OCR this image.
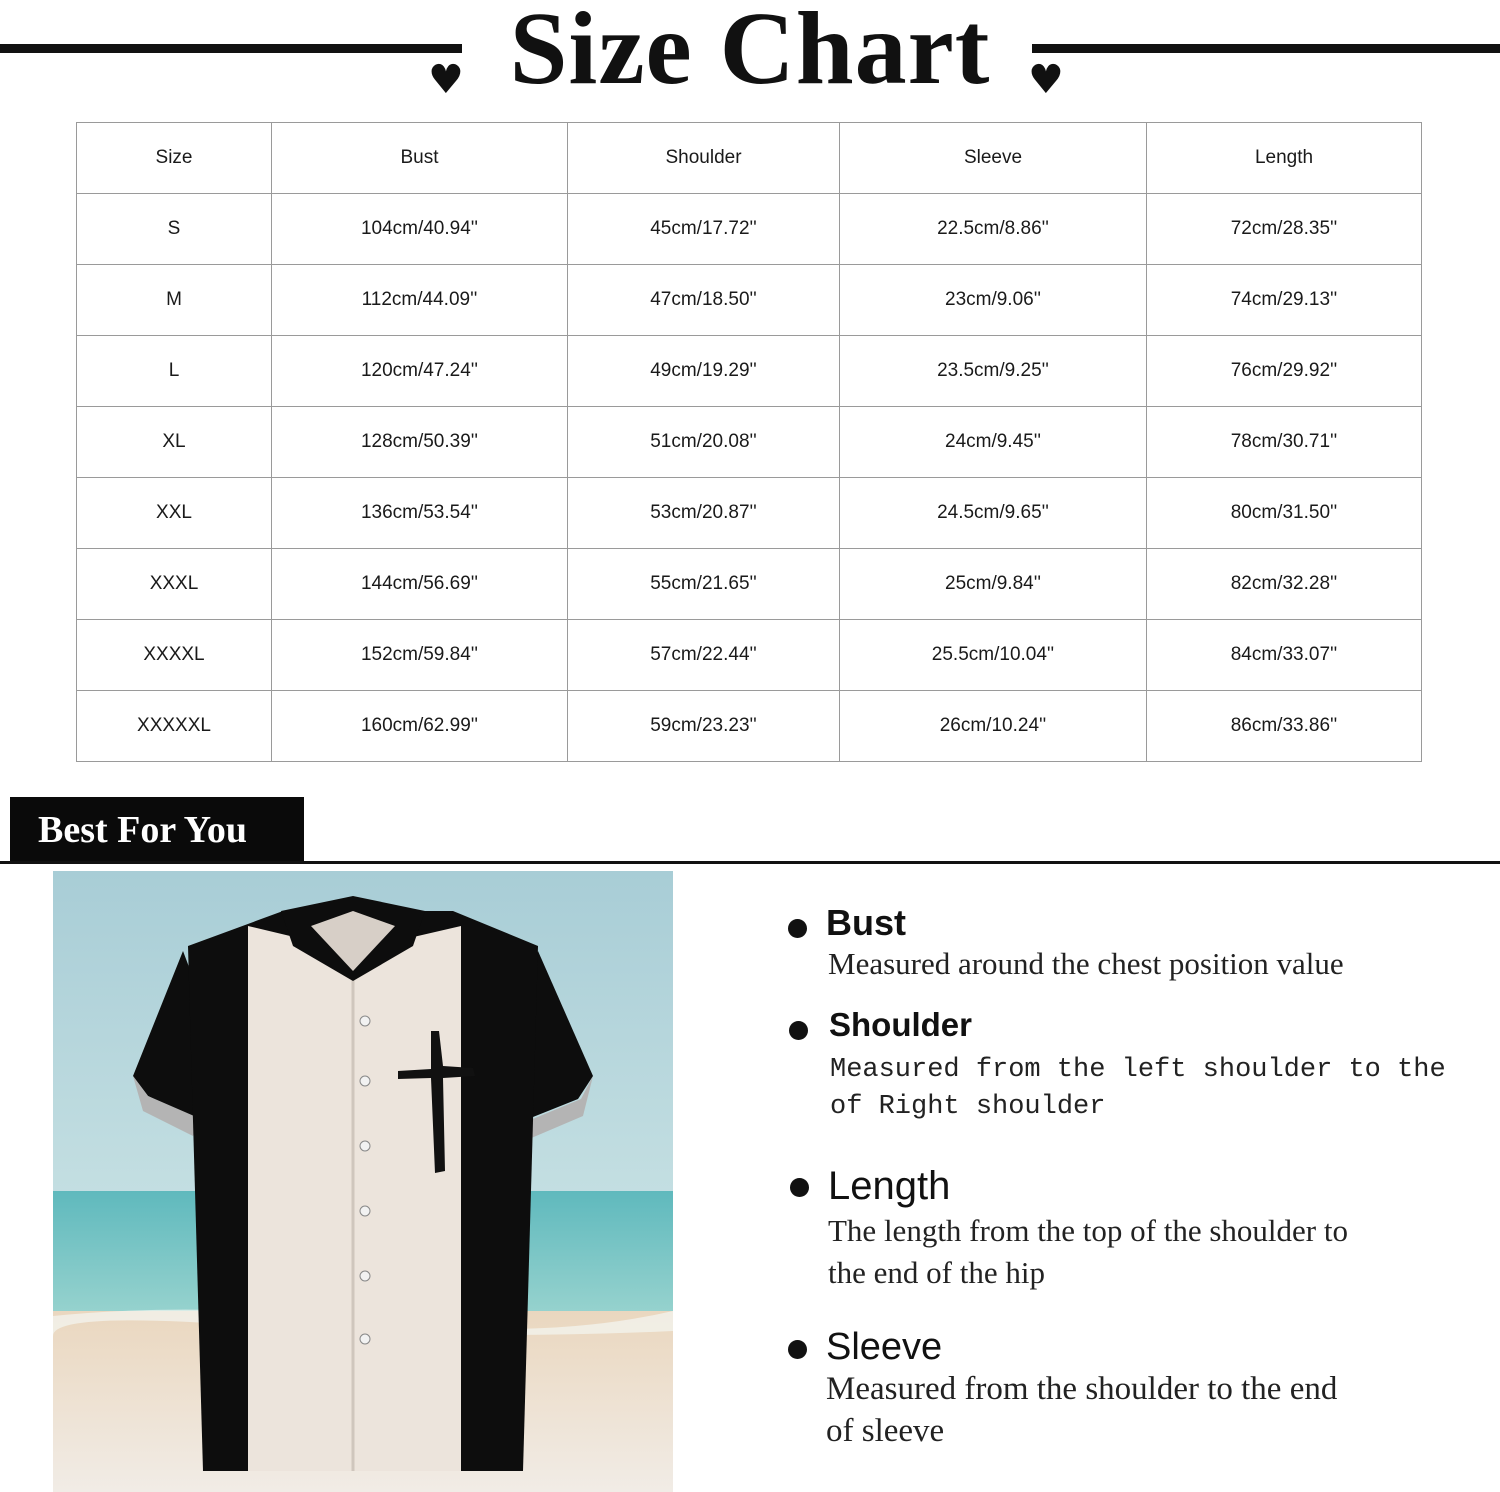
♥	♥
Size Chart
Size	Bust	Shoulder	Sleeve	Length
S	104cm/40.94''	45cm/17.72''	22.5cm/8.86''	72cm/28.35''
M	112cm/44.09''	47cm/18.50''	23cm/9.06''	74cm/29.13''
L	120cm/47.24''	49cm/19.29''	23.5cm/9.25''	76cm/29.92''
XL	128cm/50.39''	51cm/20.08''	24cm/9.45''	78cm/30.71''
XXL	136cm/53.54''	53cm/20.87''	24.5cm/9.65''	80cm/31.50''
XXXL	144cm/56.69''	55cm/21.65''	25cm/9.84''	82cm/32.28''
XXXXL	152cm/59.84''	57cm/22.44''	25.5cm/10.04''	84cm/33.07''
XXXXXL	160cm/62.99''	59cm/23.23''	26cm/10.24''	86cm/33.86''
Best For You
Bust
Measured around the chest position value
Shoulder
Measured from the left shoulder to the
of Right shoulder
Length
The length from the top of the shoulder to
the end of the hip
Sleeve
Measured from the shoulder to the end
of sleeve
